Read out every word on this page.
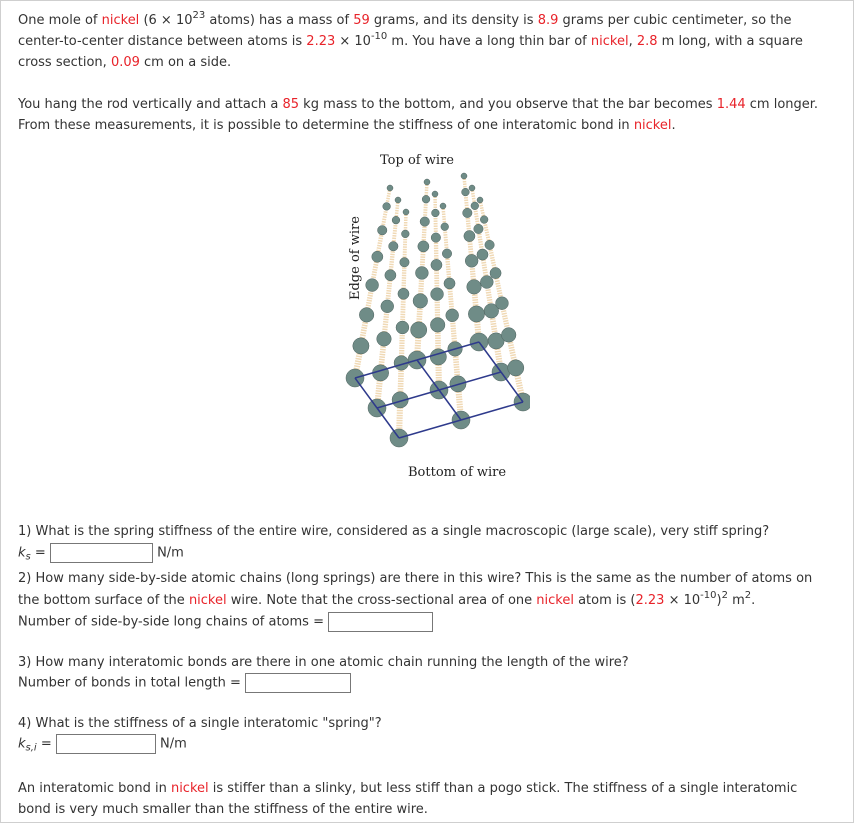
One mole of nickel ($6 \times 10^{23}$ atoms) has a mass of 59 grams, and its density is 8.9 grams per cubic centimeter, so the
center-to-center distance between atoms is $2.23 \times 10^{-10}$ m. You have a long thin bar of nickel, 2.8 m long, with a square
cross section, 0.09 cm on a side.
You hang the rod vertically and attach a 85 kg mass to the bottom, and you observe that the bar becomes 1.44 cm longer.
From these measurements, it is possible to determine the stiffness of one interatomic bond in nickel.
Top of wire
Edge of wire
Bottom of wire
1) What is the spring stiffness of the entire wire, considered as a single macroscopic (large scale), very stiff spring?
$k_s$ =	N/m
2) How many side-by-side atomic chains (long springs) are there in this wire? This is the same as the number of atoms on
the bottom surface of the nickel wire. Note that the cross-sectional area of one nickel atom is $(2.23 \times 10^{-10})^2$ $m^2$.
Number of side-by-side long chains of atoms =
3) How many interatomic bonds are there in one atomic chain running the length of the wire?
Number of bonds in total length =
4) What is the stiffness of a single interatomic "spring"?
$k_{s,i}$ =	N/m
An interatomic bond in nickel is stiffer than a slinky, but less stiff than a pogo stick. The stiffness of a single interatomic
bond is very much smaller than the stiffness of the entire wire.
